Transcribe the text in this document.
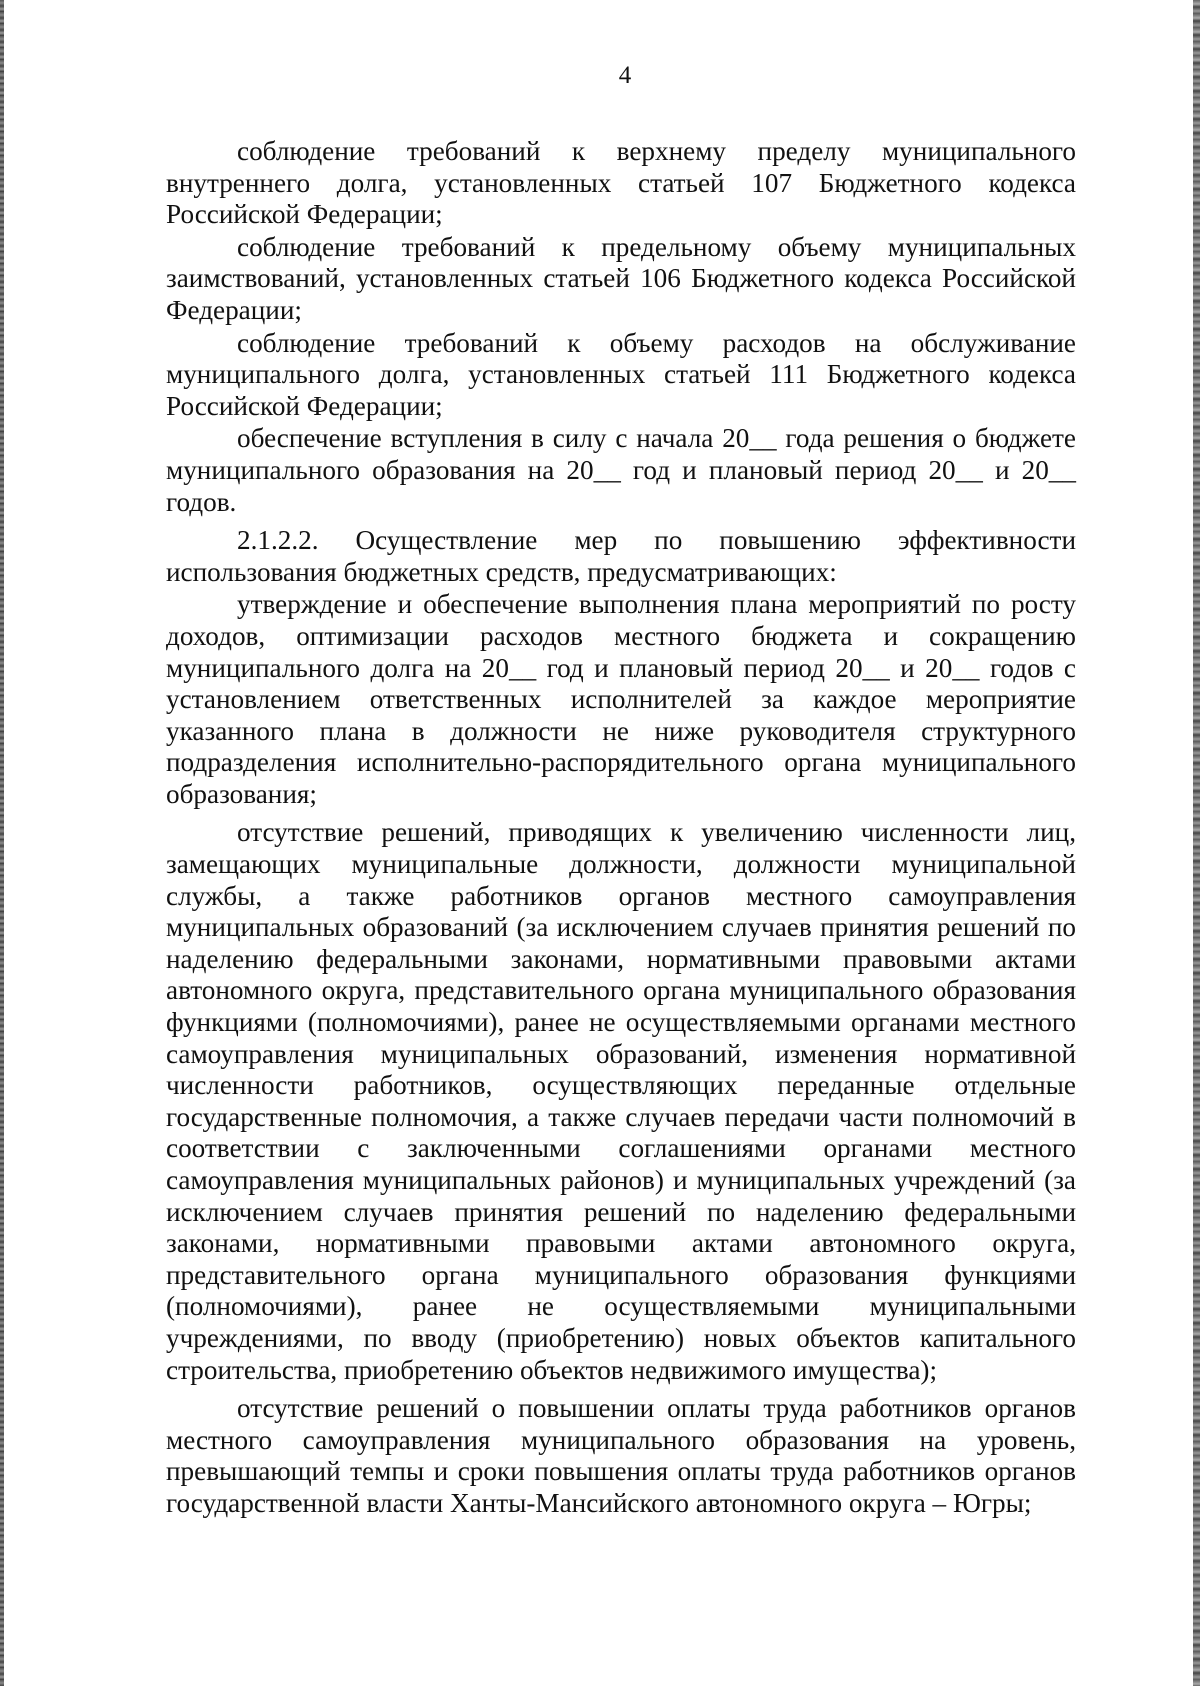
4

соблюдение требований к верхнему пределу муниципального внутреннего долга, установленных статьей 107 Бюджетного кодекса Российской Федерации;

соблюдение требований к предельному объему муниципальных заимствований, установленных статьей 106 Бюджетного кодекса Российской Федерации;

соблюдение требований к объему расходов на обслуживание муниципального долга, установленных статьей 111 Бюджетного кодекса Российской Федерации;

обеспечение вступления в силу с начала 20__ года решения о бюджете муниципального образования на 20__ год и плановый период 20__ и 20__ годов.

2.1.2.2. Осуществление мер по повышению эффективности использования бюджетных средств, предусматривающих:

утверждение и обеспечение выполнения плана мероприятий по росту доходов, оптимизации расходов местного бюджета и сокращению муниципального долга на 20__ год и плановый период 20__ и 20__ годов с установлением ответственных исполнителей за каждое мероприятие указанного плана в должности не ниже руководителя структурного подразделения исполнительно-распорядительного органа муниципального образования;

отсутствие решений, приводящих к увеличению численности лиц, замещающих муниципальные должности, должности муниципальной службы, а также работников органов местного самоуправления муниципальных образований (за исключением случаев принятия решений по наделению федеральными законами, нормативными правовыми актами автономного округа, представительного органа муниципального образования функциями (полномочиями), ранее не осуществляемыми органами местного самоуправления муниципальных образований, изменения нормативной численности работников, осуществляющих переданные отдельные государственные полномочия, а также случаев передачи части полномочий в соответствии с заключенными соглашениями органами местного самоуправления муниципальных районов) и муниципальных учреждений (за исключением случаев принятия решений по наделению федеральными законами, нормативными правовыми актами автономного округа, представительного органа муниципального образования функциями (полномочиями), ранее не осуществляемыми муниципальными учреждениями, по вводу (приобретению) новых объектов капитального строительства, приобретению объектов недвижимого имущества);

отсутствие решений о повышении оплаты труда работников органов местного самоуправления муниципального образования на уровень, превышающий темпы и сроки повышения оплаты труда работников органов государственной власти Ханты-Мансийского автономного округа – Югры;
